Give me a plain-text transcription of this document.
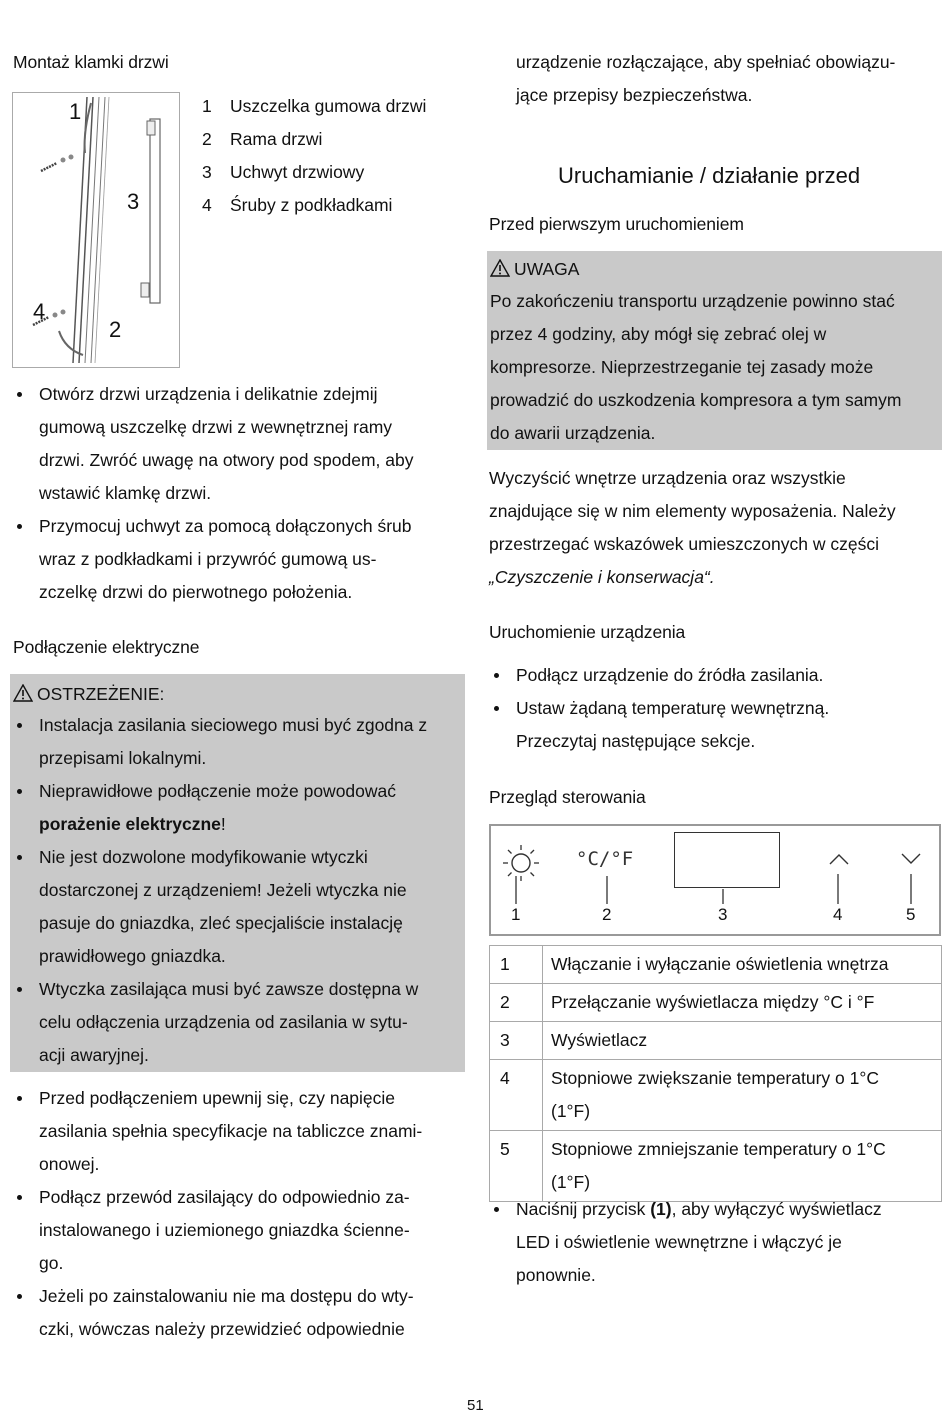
Montaż klamki drzwi
1
3
4
2
1	Uszczelka gumowa drzwi
2	Rama drzwi
3	Uchwyt drzwiowy
4	Śruby z podkładkami
Otwórz drzwi urządzenia i delikatnie zdejmij
gumową uszczelkę drzwi z wewnętrznej ramy
drzwi. Zwróć uwagę na otwory pod spodem, aby
wstawić klamkę drzwi.
Przymocuj uchwyt za pomocą dołączonych śrub
wraz z podkładkami i przywróć gumową us-
zczelkę drzwi do pierwotnego położenia.
Podłączenie elektryczne
OSTRZEŻENIE:
Instalacja zasilania sieciowego musi być zgodna z
przepisami lokalnymi.
Nieprawidłowe podłączenie może powodować
porażenie elektryczne!
Nie jest dozwolone modyfikowanie wtyczki
dostarczonej z urządzeniem! Jeżeli wtyczka nie
pasuje do gniazdka, zleć specjaliście instalację
prawidłowego gniazdka.
Wtyczka zasilająca musi być zawsze dostępna w
celu odłączenia urządzenia od zasilania w sytu-
acji awaryjnej.
Przed podłączeniem upewnij się, czy napięcie
zasilania spełnia specyfikacje na tabliczce znami-
onowej.
Podłącz przewód zasilający do odpowiednio za-
instalowanego i uziemionego gniazdka ścienne-
go.
Jeżeli po zainstalowaniu nie ma dostępu do wty-
czki, wówczas należy przewidzieć odpowiednie
urządzenie rozłączające, aby spełniać obowiązu-
jące przepisy bezpieczeństwa.
Uruchamianie / działanie przed
Przed pierwszym uruchomieniem
UWAGA
Po zakończeniu transportu urządzenie powinno stać
przez 4 godziny, aby mógł się zebrać olej w
kompresorze. Nieprzestrzeganie tej zasady może
prowadzić do uszkodzenia kompresora a tym samym
do awarii urządzenia.
Wyczyścić wnętrze urządzenia oraz wszystkie
znajdujące się w nim elementy wyposażenia. Należy
przestrzegać wskazówek umieszczonych w części
„Czyszczenie i konserwacja“.
Uruchomienie urządzenia
Podłącz urządzenie do źródła zasilania.
Ustaw żądaną temperaturę wewnętrzną.
Przeczytaj następujące sekcje.
Przegląd sterowania
°C/°F
1	2	3	4	5
1	Włączanie i wyłączanie oświetlenia wnętrza

2	Przełączanie wyświetlacza między °C i °F

3	Wyświetlacz

4	Stopniowe zwiększanie temperatury o 1°C
(1°F)

5	Stopniowe zmniejszanie temperatury o 1°C
(1°F)
Naciśnij przycisk (1), aby wyłączyć wyświetlacz
LED i oświetlenie wewnętrzne i włączyć je
ponownie.
51
